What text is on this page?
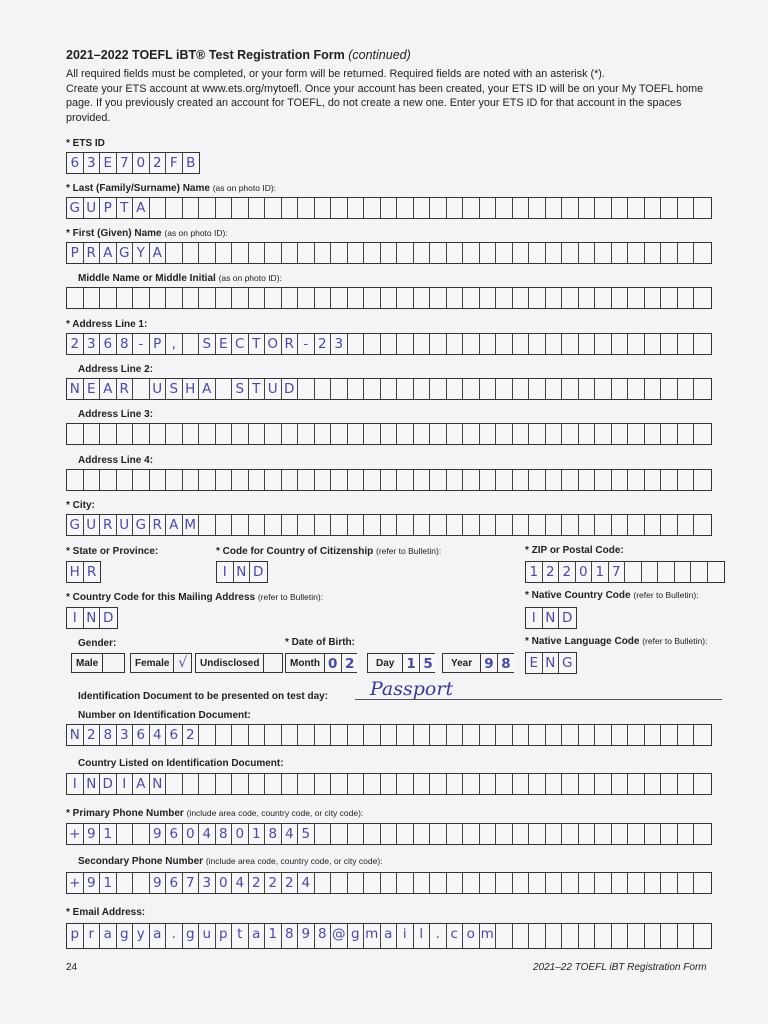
2021–2022 TOEFL iBT® Test Registration Form (continued)
All required fields must be completed, or your form will be returned. Required fields are noted with an asterisk (*).
Create your ETS account at www.ets.org/mytoefl. Once your account has been created, your ETS ID will be on your My TOEFL home page. If you previously created an account for TOEFL, do not create a new one. Enter your ETS ID for that account in the spaces provided.
* ETS ID
6 3 E 7 0 2 F B
* Last (Family/Surname) Name (as on photo ID):
G U P T A
* First (Given) Name (as on photo ID):
P R A G Y A
Middle Name or Middle Initial (as on photo ID):
* Address Line 1:
2 3 6 8 - P ,	S E C T O R - 2 3
Address Line 2:
N E A R	U S H A	S T U D
Address Line 3:
Address Line 4:
* City:
G U R U G R A M
* State or Province:
H R
* Code for Country of Citizenship (refer to Bulletin):
I N D
* ZIP or Postal Code:
1 2 2 0 1 7
* Country Code for this Mailing Address (refer to Bulletin):
I N D
* Native Country Code (refer to Bulletin):
I N D
Gender:
Male	Female √	Undisclosed
* Date of Birth:
Month 0 2	Day 1 5	Year 9 8
* Native Language Code (refer to Bulletin):
E N G
Identification Document to be presented on test day: Passport
Number on Identification Document:
N 2 8 3 6 4 6 2
Country Listed on Identification Document:
I N D I A N
* Primary Phone Number (include area code, country code, or city code):
+ 9 1	9 6 0 4 8 0 1 8 4 5
Secondary Phone Number (include area code, country code, or city code):
+ 9 1	9 6 7 3 0 4 2 2 2 4
* Email Address:
p r a g y a . g u p t a 1 8 9 8 @ g m a i l . c o m
24	2021–22 TOEFL iBT Registration Form
